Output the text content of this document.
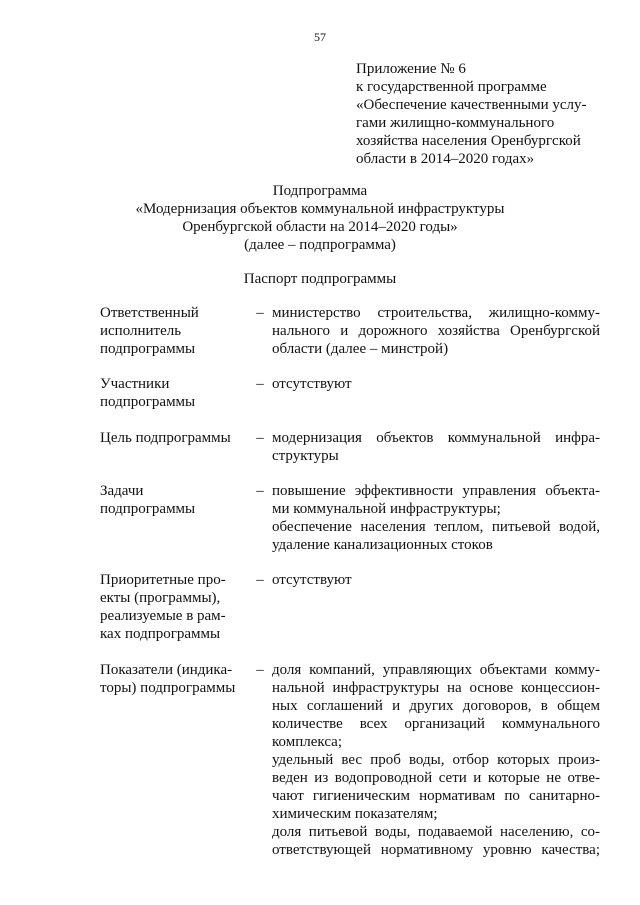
57
Приложение № 6
к государственной программе
«Обеспечение качественными услу-
гами жилищно-коммунального
хозяйства населения Оренбургской
области в 2014–2020 годах»
Подпрограмма
«Модернизация объектов коммунальной инфраструктуры
Оренбургской области на 2014–2020 годы»
(далее – подпрограмма)
Паспорт подпрограммы
Ответственный
исполнитель
подпрограммы
– министерство строительства, жилищно-комму-
нального и дорожного хозяйства Оренбургской
области (далее – минстрой)
Участники
подпрограммы
– отсутствуют
Цель подпрограммы	– модернизация объектов коммунальной инфра-
структуры
Задачи
подпрограммы
– повышение эффективности управления объекта-
ми коммунальной инфраструктуры;
обеспечение населения теплом, питьевой водой,
удаление канализационных стоков
Приоритетные про-
екты (программы),
реализуемые в рам-
ках подпрограммы
– отсутствуют
Показатели (индика-
торы) подпрограммы
– доля компаний, управляющих объектами комму-
нальной инфраструктуры на основе концессион-
ных соглашений и других договоров, в общем
количестве всех организаций коммунального
комплекса;
удельный вес проб воды, отбор которых произ-
веден из водопроводной сети и которые не отве-
чают гигиеническим нормативам по санитарно-
химическим показателям;
доля питьевой воды, подаваемой населению, со-
ответствующей нормативному уровню качества;
